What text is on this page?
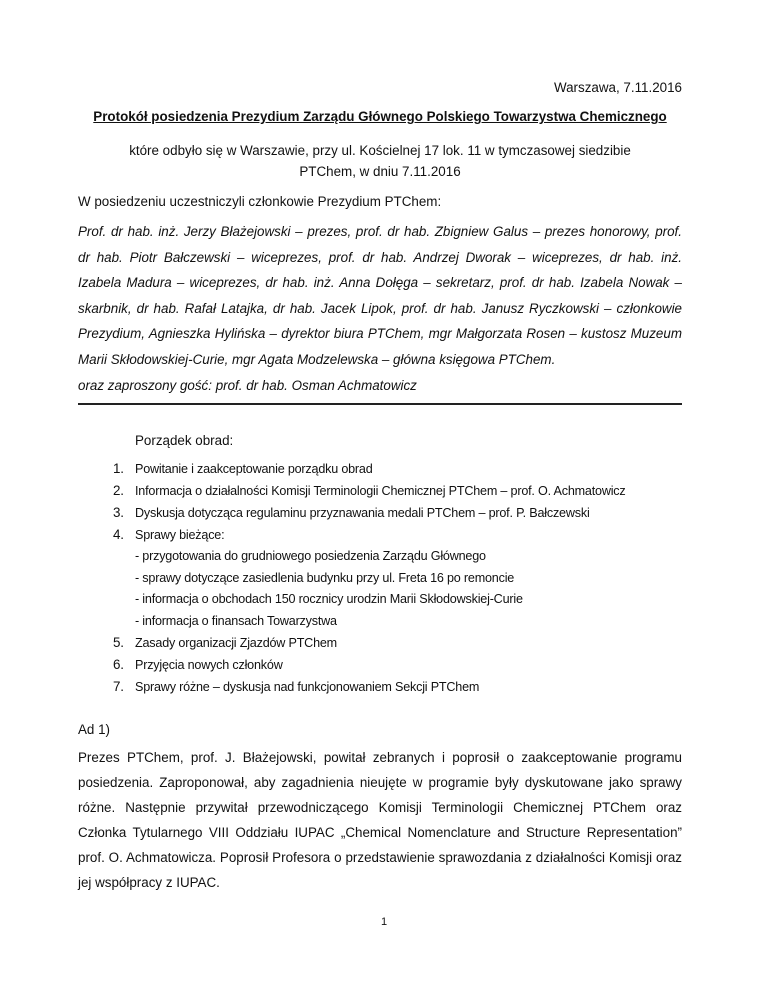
Warszawa, 7.11.2016
Protokół posiedzenia Prezydium Zarządu Głównego Polskiego Towarzystwa Chemicznego
które odbyło się w Warszawie, przy ul. Kościelnej 17 lok. 11 w tymczasowej siedzibie
PTChem, w dniu 7.11.2016
W posiedzeniu uczestniczyli członkowie Prezydium PTChem:
Prof. dr hab. inż. Jerzy Błażejowski – prezes, prof. dr hab. Zbigniew Galus – prezes honorowy, prof. dr hab. Piotr Bałczewski – wiceprezes, prof. dr hab. Andrzej Dworak – wiceprezes, dr hab. inż. Izabela Madura – wiceprezes, dr hab. inż. Anna Dołęga – sekretarz, prof. dr hab. Izabela Nowak – skarbnik, dr hab. Rafał Latajka, dr hab. Jacek Lipok, prof. dr hab. Janusz Ryczkowski – członkowie Prezydium, Agnieszka Hylińska – dyrektor biura PTChem, mgr Małgorzata Rosen – kustosz Muzeum Marii Skłodowskiej-Curie, mgr Agata Modzelewska – główna księgowa PTChem.
oraz zaproszony gość: prof. dr hab. Osman Achmatowicz
Porządek obrad:
1. Powitanie i zaakceptowanie porządku obrad
2. Informacja o działalności Komisji Terminologii Chemicznej PTChem – prof. O. Achmatowicz
3. Dyskusja dotycząca regulaminu przyznawania medali PTChem – prof. P. Bałczewski
4. Sprawy bieżące:
- przygotowania do grudniowego posiedzenia Zarządu Głównego
- sprawy dotyczące zasiedlenia budynku przy ul. Freta 16 po remoncie
- informacja o obchodach 150 rocznicy urodzin Marii Skłodowskiej-Curie
- informacja o finansach Towarzystwa
5. Zasady organizacji Zjazdów PTChem
6. Przyjęcia nowych członków
7. Sprawy różne – dyskusja nad funkcjonowaniem Sekcji PTChem
Ad 1)
Prezes PTChem, prof. J. Błażejowski, powitał zebranych i poprosił o zaakceptowanie programu posiedzenia. Zaproponował, aby zagadnienia nieujęte w programie były dyskutowane jako sprawy różne. Następnie przywitał przewodniczącego Komisji Terminologii Chemicznej PTChem oraz Członka Tytularnego VIII Oddziału IUPAC „Chemical Nomenclature and Structure Representation” prof. O. Achmatowicza. Poprosił Profesora o przedstawienie sprawozdania z działalności Komisji oraz jej współpracy z IUPAC.
1
